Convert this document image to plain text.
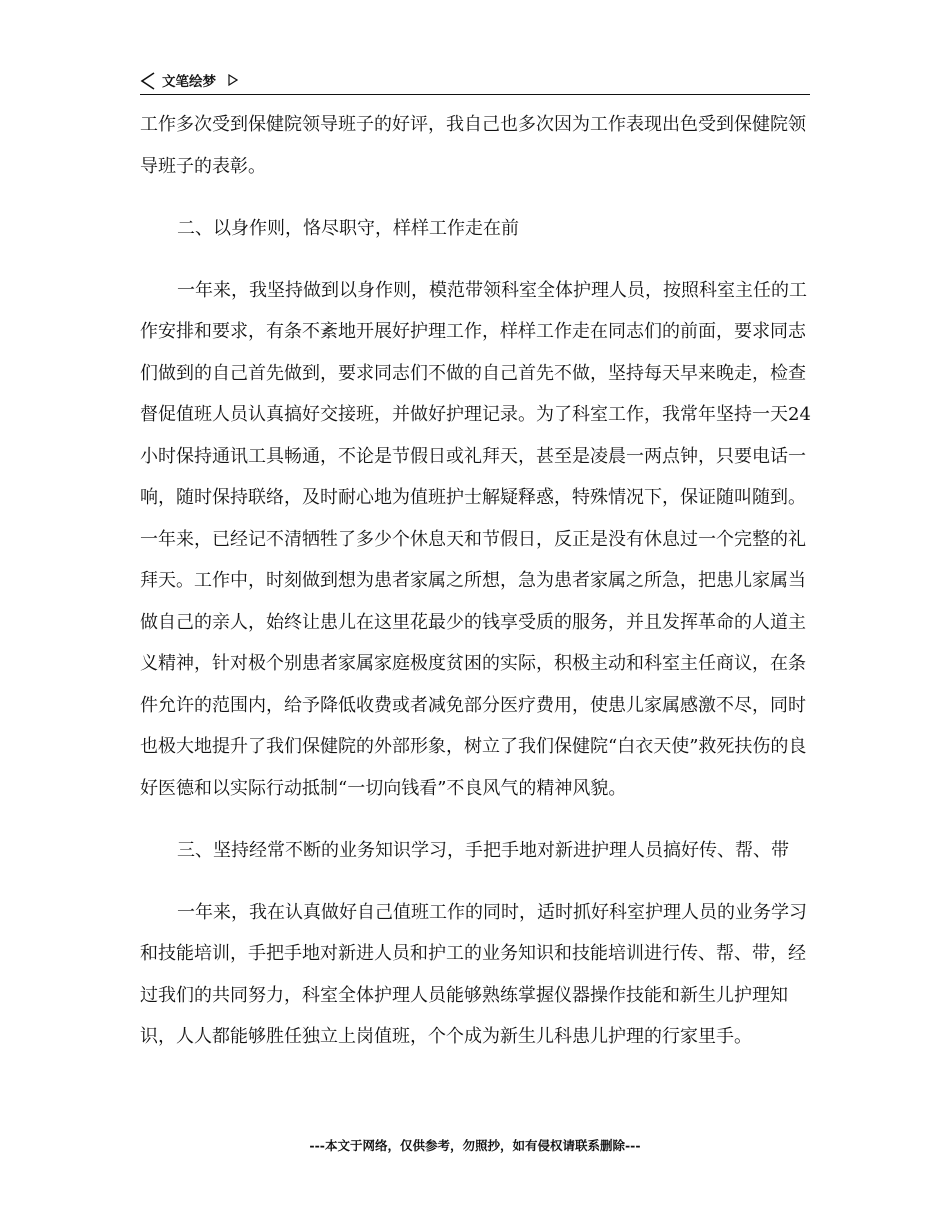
文笔绘梦

工作多次受到保健院领导班子的好评，我自己也多次因为工作表现出色受到保健院领导班子的表彰。

二、以身作则，恪尽职守，样样工作走在前

一年来，我坚持做到以身作则，模范带领科室全体护理人员，按照科室主任的工作安排和要求，有条不紊地开展好护理工作，样样工作走在同志们的前面，要求同志们做到的自己首先做到，要求同志们不做的自己首先不做，坚持每天早来晚走，检查督促值班人员认真搞好交接班，并做好护理记录。为了科室工作，我常年坚持一天24小时保持通讯工具畅通，不论是节假日或礼拜天，甚至是凌晨一两点钟，只要电话一响，随时保持联络，及时耐心地为值班护士解疑释惑，特殊情况下，保证随叫随到。一年来，已经记不清牺牲了多少个休息天和节假日，反正是没有休息过一个完整的礼拜天。工作中，时刻做到想为患者家属之所想，急为患者家属之所急，把患儿家属当做自己的亲人，始终让患儿在这里花最少的钱享受质的服务，并且发挥革命的人道主义精神，针对极个别患者家属家庭极度贫困的实际，积极主动和科室主任商议，在条件允许的范围内，给予降低收费或者减免部分医疗费用，使患儿家属感激不尽，同时也极大地提升了我们保健院的外部形象，树立了我们保健院“白衣天使”救死扶伤的良好医德和以实际行动抵制“一切向钱看”不良风气的精神风貌。

三、坚持经常不断的业务知识学习，手把手地对新进护理人员搞好传、帮、带

一年来，我在认真做好自己值班工作的同时，适时抓好科室护理人员的业务学习和技能培训，手把手地对新进人员和护工的业务知识和技能培训进行传、帮、带，经过我们的共同努力，科室全体护理人员能够熟练掌握仪器操作技能和新生儿护理知识，人人都能够胜任独立上岗值班，个个成为新生儿科患儿护理的行家里手。

---本文于网络，仅供参考，勿照抄，如有侵权请联系删除---
